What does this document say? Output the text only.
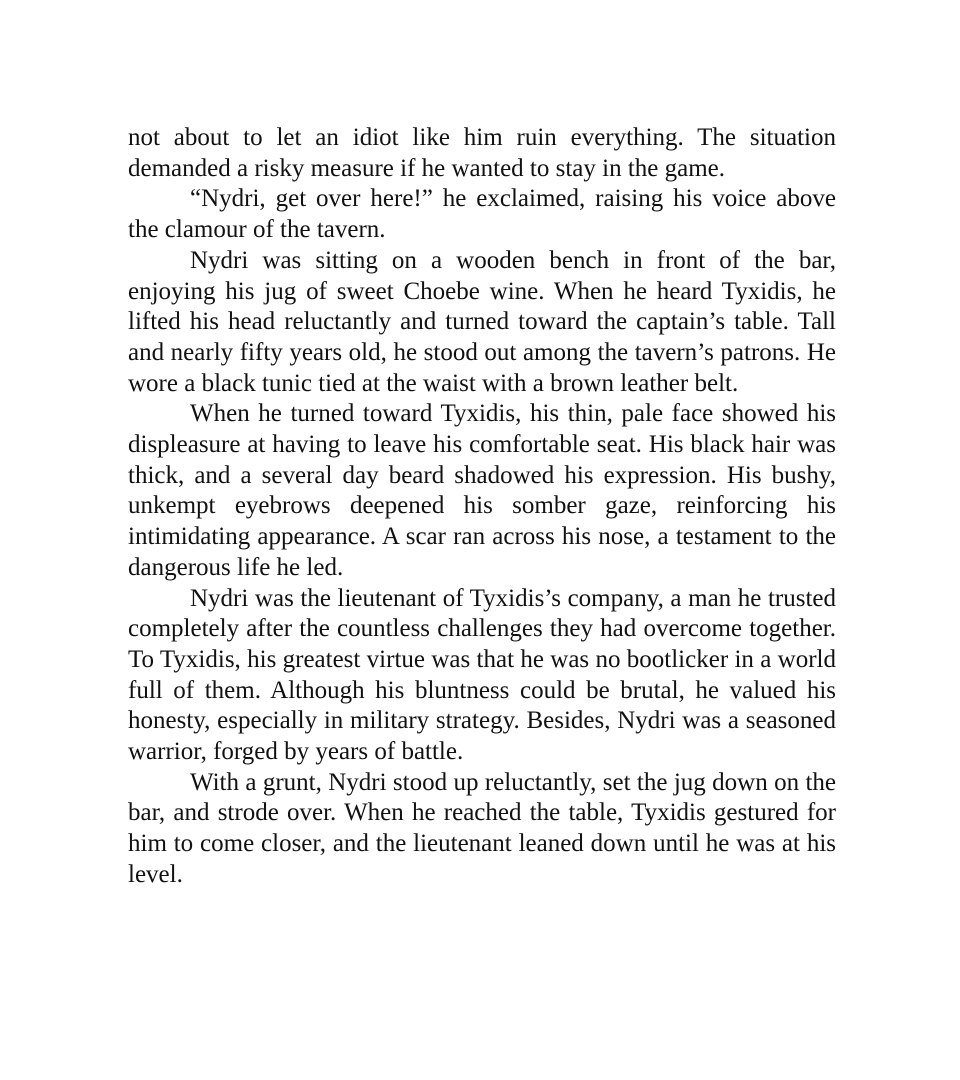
not about to let an idiot like him ruin everything. The situation demanded a risky measure if he wanted to stay in the game.

“Nydri, get over here!” he exclaimed, raising his voice above the clamour of the tavern.

Nydri was sitting on a wooden bench in front of the bar, enjoying his jug of sweet Choebe wine. When he heard Tyxidis, he lifted his head reluctantly and turned toward the captain’s table. Tall and nearly fifty years old, he stood out among the tavern’s patrons. He wore a black tunic tied at the waist with a brown leather belt.

When he turned toward Tyxidis, his thin, pale face showed his displeasure at having to leave his comfortable seat. His black hair was thick, and a several day beard shadowed his expression. His bushy, unkempt eyebrows deepened his somber gaze, reinforcing his intimidating appearance. A scar ran across his nose, a testament to the dangerous life he led.

Nydri was the lieutenant of Tyxidis’s company, a man he trusted completely after the countless challenges they had overcome together. To Tyxidis, his greatest virtue was that he was no bootlicker in a world full of them. Although his bluntness could be brutal, he valued his honesty, especially in military strategy. Besides, Nydri was a seasoned warrior, forged by years of battle.

With a grunt, Nydri stood up reluctantly, set the jug down on the bar, and strode over. When he reached the table, Tyxidis gestured for him to come closer, and the lieutenant leaned down until he was at his level.
